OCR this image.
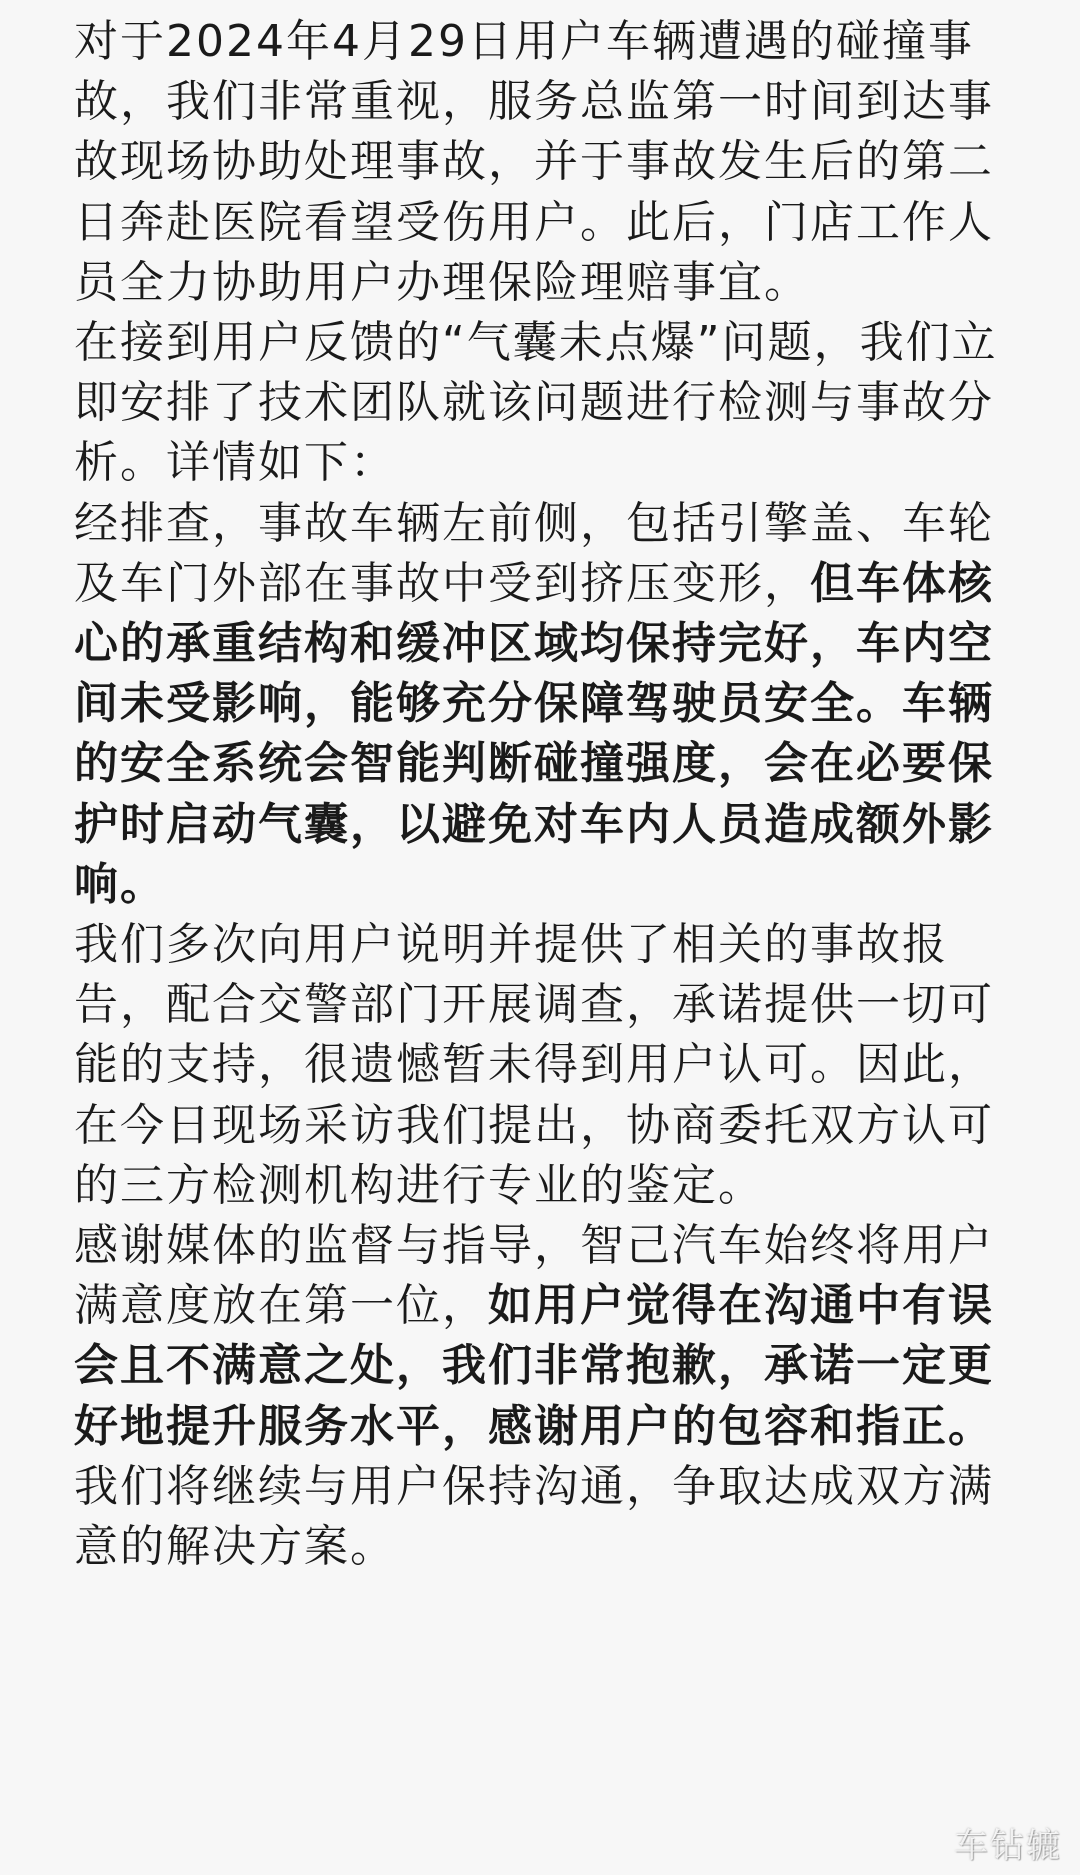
对于2024年4月29日用户车辆遭遇的碰撞事
故，我们非常重视，服务总监第一时间到达事
故现场协助处理事故，并于事故发生后的第二
日奔赴医院看望受伤用户。此后，门店工作人
员全力协助用户办理保险理赔事宜。
在接到用户反馈的“气囊未点爆”问题，我们立
即安排了技术团队就该问题进行检测与事故分
析。详情如下：
经排查，事故车辆左前侧，包括引擎盖、车轮
及车门外部在事故中受到挤压变形，但车体核
心的承重结构和缓冲区域均保持完好，车内空
间未受影响，能够充分保障驾驶员安全。车辆
的安全系统会智能判断碰撞强度，会在必要保
护时启动气囊，以避免对车内人员造成额外影
响。
我们多次向用户说明并提供了相关的事故报
告，配合交警部门开展调查，承诺提供一切可
能的支持，很遗憾暂未得到用户认可。因此，
在今日现场采访我们提出，协商委托双方认可
的三方检测机构进行专业的鉴定。
感谢媒体的监督与指导，智己汽车始终将用户
满意度放在第一位，如用户觉得在沟通中有误
会且不满意之处，我们非常抱歉，承诺一定更
好地提升服务水平，感谢用户的包容和指正。
我们将继续与用户保持沟通，争取达成双方满
意的解决方案。
车钻辘
